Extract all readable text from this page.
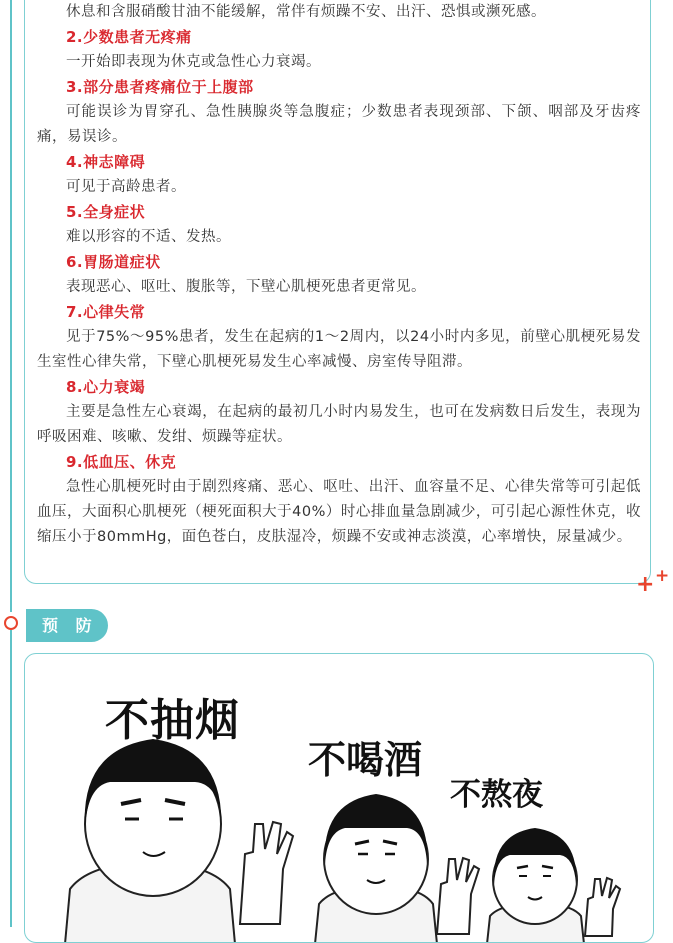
休息和含服硝酸甘油不能缓解，常伴有烦躁不安、出汗、恐惧或濒死感。

2.少数患者无疼痛

一开始即表现为休克或急性心力衰竭。

3.部分患者疼痛位于上腹部

可能误诊为胃穿孔、急性胰腺炎等急腹症；少数患者表现颈部、下颌、咽部及牙齿疼痛，易误诊。

4.神志障碍

可见于高龄患者。

5.全身症状

难以形容的不适、发热。

6.胃肠道症状

表现恶心、呕吐、腹胀等，下壁心肌梗死患者更常见。

7.心律失常

见于75%～95%患者，发生在起病的1～2周内，以24小时内多见，前壁心肌梗死易发生室性心律失常，下壁心肌梗死易发生心率减慢、房室传导阻滞。

8.心力衰竭

主要是急性左心衰竭，在起病的最初几小时内易发生，也可在发病数日后发生，表现为呼吸困难、咳嗽、发绀、烦躁等症状。

9.低血压、休克

急性心肌梗死时由于剧烈疼痛、恶心、呕吐、出汗、血容量不足、心律失常等可引起低血压，大面积心肌梗死（梗死面积大于40%）时心排血量急剧减少，可引起心源性休克，收缩压小于80mmHg，面色苍白，皮肤湿冷，烦躁不安或神志淡漠，心率增快，尿量减少。

+ +
预 防
不抽烟
不喝酒
不熬夜
